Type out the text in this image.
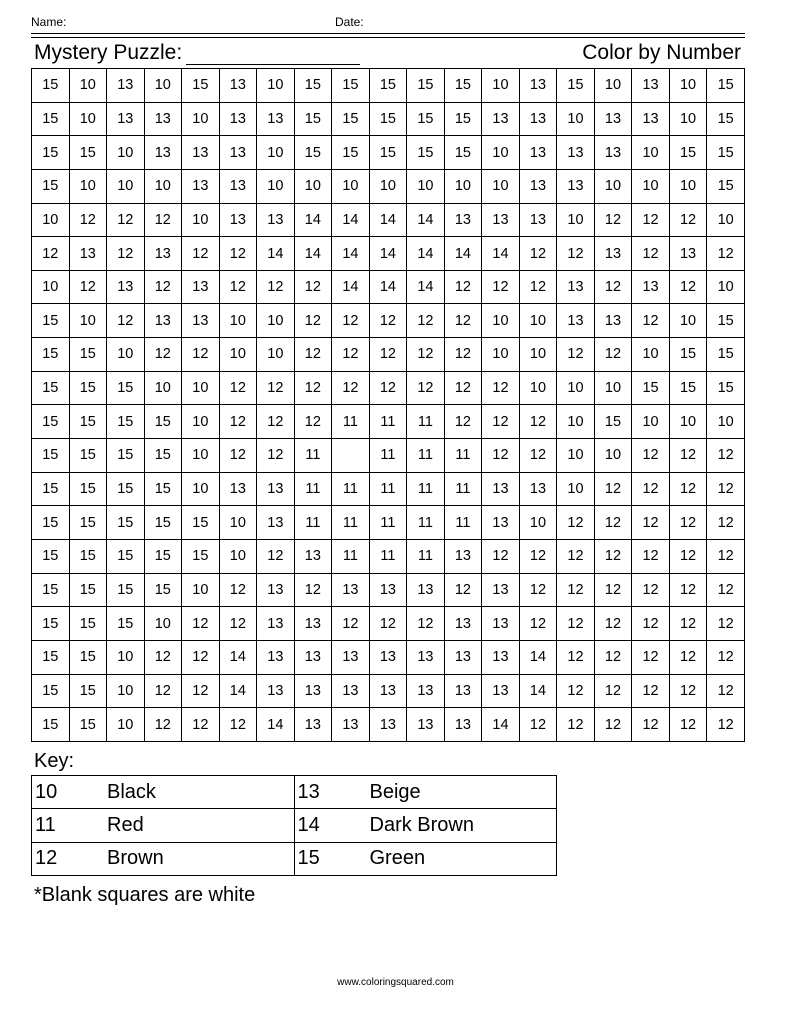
Name:	Date:
Mystery Puzzle:	Color by Number
15	10	13	10	15	13	10	15	15	15	15	15	10	13	15	10	13	10	15
15	10	13	13	10	13	13	15	15	15	15	15	13	13	10	13	13	10	15
15	15	10	13	13	13	10	15	15	15	15	15	10	13	13	13	10	15	15
15	10	10	10	13	13	10	10	10	10	10	10	10	13	13	10	10	10	15
10	12	12	12	10	13	13	14	14	14	14	13	13	13	10	12	12	12	10
12	13	12	13	12	12	14	14	14	14	14	14	14	12	12	13	12	13	12
10	12	13	12	13	12	12	12	14	14	14	12	12	12	13	12	13	12	10
15	10	12	13	13	10	10	12	12	12	12	12	10	10	13	13	12	10	15
15	15	10	12	12	10	10	12	12	12	12	12	10	10	12	12	10	15	15
15	15	15	10	10	12	12	12	12	12	12	12	12	10	10	10	15	15	15
15	15	15	15	10	12	12	12	11	11	11	12	12	12	10	15	10	10	10
15	15	15	15	10	12	12	11		11	11	11	12	12	10	10	12	12	12
15	15	15	15	10	13	13	11	11	11	11	11	13	13	10	12	12	12	12
15	15	15	15	15	10	13	11	11	11	11	11	13	10	12	12	12	12	12
15	15	15	15	15	10	12	13	11	11	11	13	12	12	12	12	12	12	12
15	15	15	15	10	12	13	12	13	13	13	12	13	12	12	12	12	12	12
15	15	15	10	12	12	13	13	12	12	12	13	13	12	12	12	12	12	12
15	15	10	12	12	14	13	13	13	13	13	13	13	14	12	12	12	12	12
15	15	10	12	12	14	13	13	13	13	13	13	13	14	12	12	12	12	12
15	15	10	12	12	12	14	13	13	13	13	13	14	12	12	12	12	12	12
Key:
10 Black	13 Beige
11 Red	14 Dark Brown
12 Brown	15 Green
*Blank squares are white
www.coloringsquared.com
